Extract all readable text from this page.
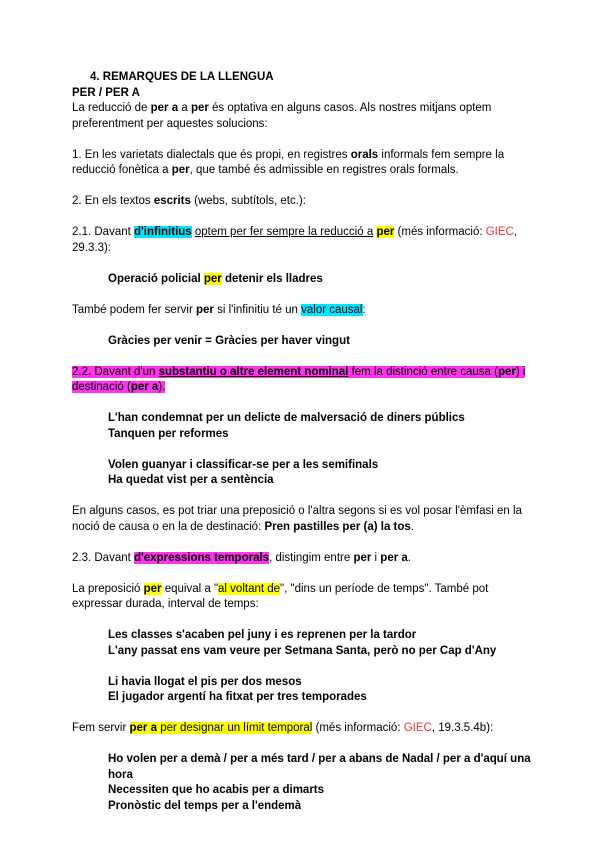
4. REMARQUES DE LA LLENGUA

PER / PER A

La reducció de per a a per és optativa en alguns casos. Als nostres mitjans optem preferentment per aquestes solucions:

1. En les varietats dialectals que és propi, en registres orals informals fem sempre la reducció fonètica a per, que també és admissible en registres orals formals.

2. En els textos escrits (webs, subtítols, etc.):

2.1. Davant d'infinitius optem per fer sempre la reducció a per (més informació: GIEC, 29.3.3):

Operació policial per detenir els lladres

També podem fer servir per si l'infinitiu té un valor causal:

Gràcies per venir = Gràcies per haver vingut

2.2. Davant d'un substantiu o altre element nominal fem la distinció entre causa (per) i destinació (per a).

L'han condemnat per un delicte de malversació de diners públics

Tanquen per reformes

Volen guanyar i classificar-se per a les semifinals

Ha quedat vist per a sentència

En alguns casos, es pot triar una preposició o l'altra segons si es vol posar l'èmfasi en la noció de causa o en la de destinació: Pren pastilles per (a) la tos.

2.3. Davant d'expressions temporals, distingim entre per i per a.

La preposició per equival a "al voltant de", "dins un període de temps". També pot expressar durada, interval de temps:

Les classes s'acaben pel juny i es reprenen per la tardor

L'any passat ens vam veure per Setmana Santa, però no per Cap d'Any

Li havia llogat el pis per dos mesos

El jugador argentí ha fitxat per tres temporades

Fem servir per a per designar un límit temporal (més informació: GIEC, 19.3.5.4b):

Ho volen per a demà / per a més tard / per a abans de Nadal / per a d'aquí una hora

Necessiten que ho acabis per a dimarts

Pronòstic del temps per a l'endemà
